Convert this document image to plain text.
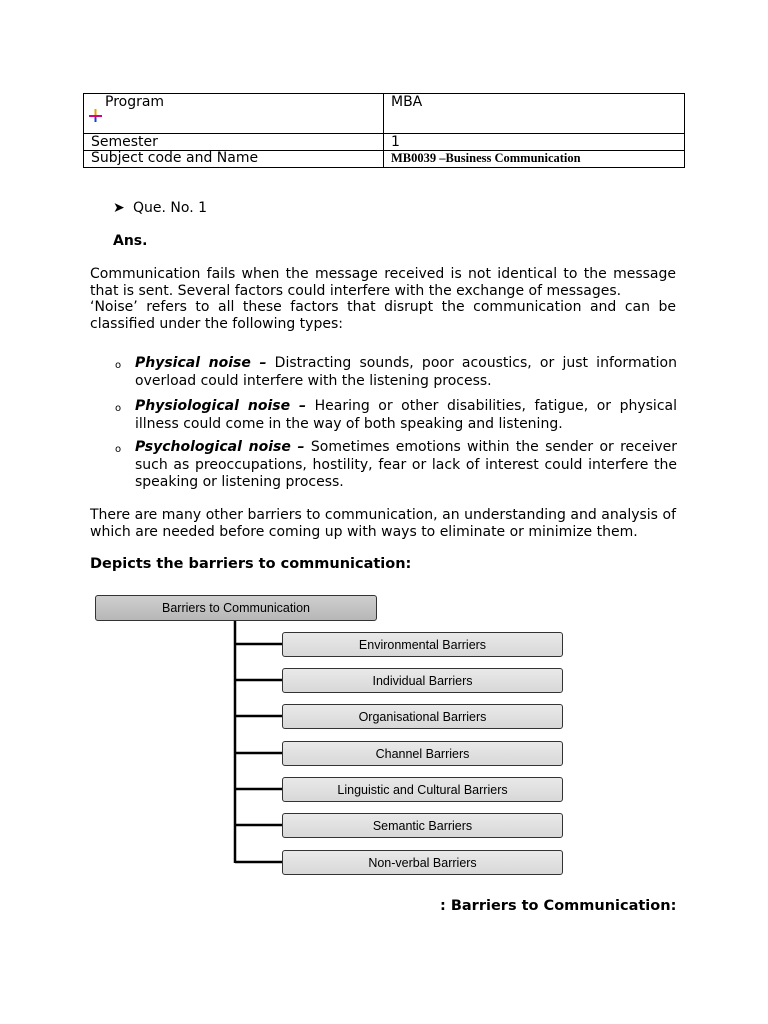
Program	MBA
Semester	1
Subject code and Name	MB0039 –Business Communication
➤ Que. No. 1
Ans.
Communication fails when the message received is not identical to the message that is sent. Several factors could interfere with the exchange of messages.
‘Noise’ refers to all these factors that disrupt the communication and can be classified under the following types:
o Physical noise – Distracting sounds, poor acoustics, or just information overload could interfere with the listening process.
o Physiological noise – Hearing or other disabilities, fatigue, or physical illness could come in the way of both speaking and listening.
o Psychological noise – Sometimes emotions within the sender or receiver such as preoccupations, hostility, fear or lack of interest could interfere the speaking or listening process.
There are many other barriers to communication, an understanding and analysis of which are needed before coming up with ways to eliminate or minimize them.
Depicts the barriers to communication:
Barriers to Communication
Environmental Barriers
Individual Barriers
Organisational Barriers
Channel Barriers
Linguistic and Cultural Barriers
Semantic Barriers
Non-verbal Barriers
: Barriers to Communication:
